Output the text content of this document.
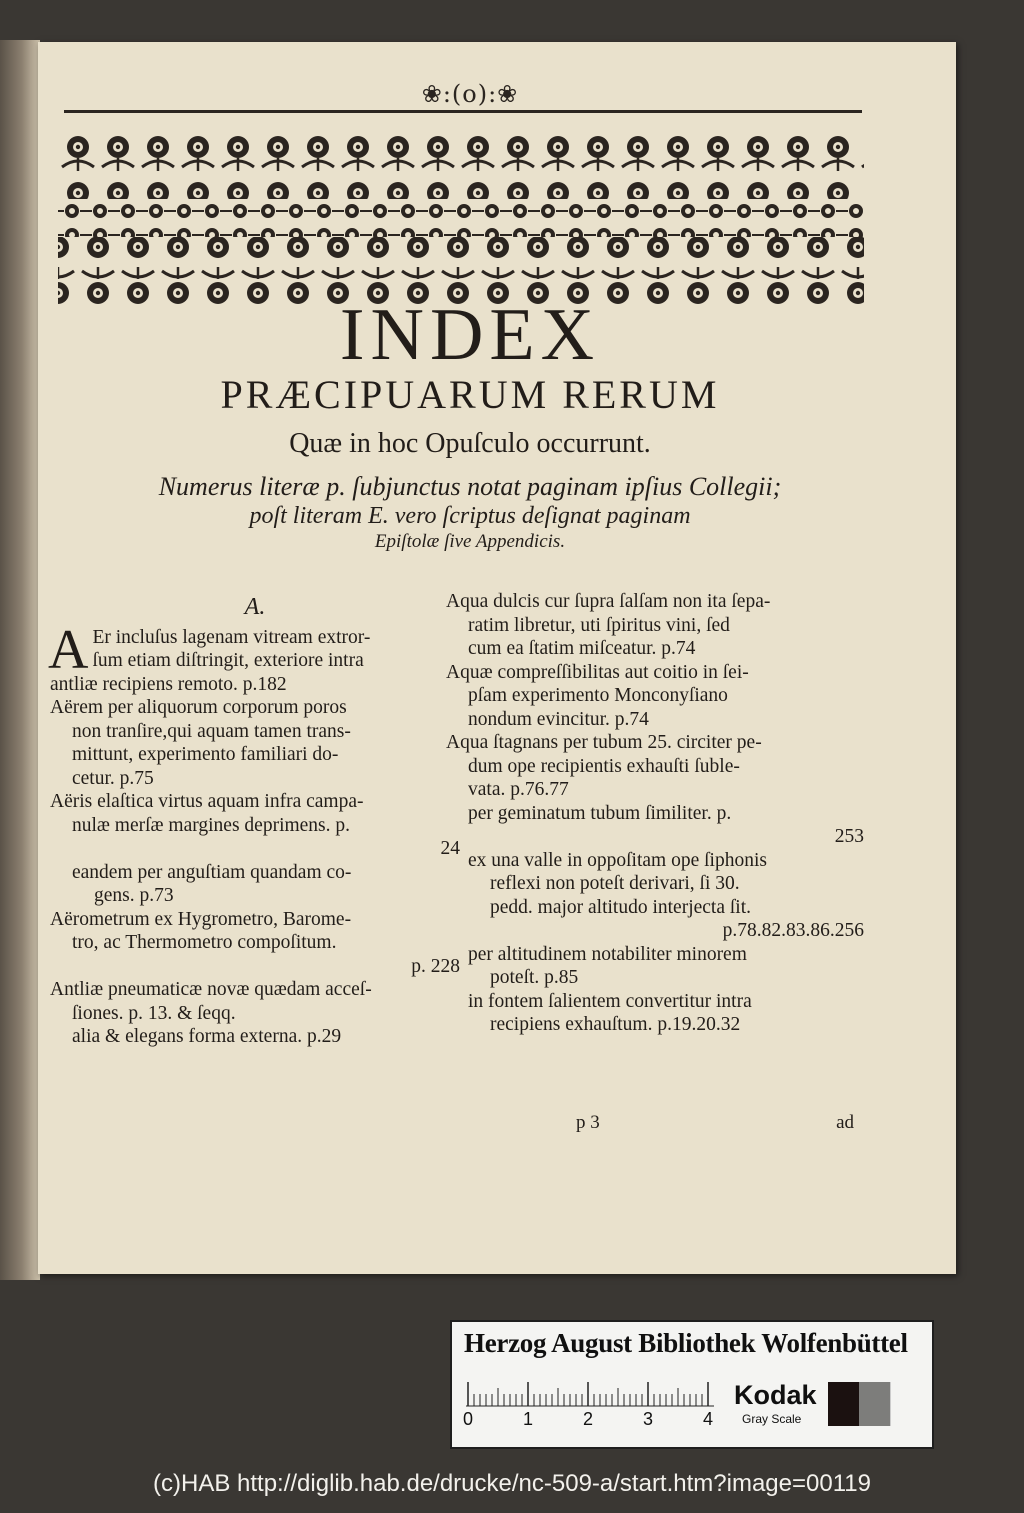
❀:(o):❀
INDEX
PRÆCIPUARUM RERUM
Quæ in hoc Opuſculo occurrunt.
Numerus literæ p. ſubjunctus notat paginam ipſius Collegii;
poſt literam E. vero ſcriptus deſignat paginam
Epiſtolæ ſive Appendicis.
A.
A Er incluſus lagenam vitream extror-
ſum etiam diſtringit, exteriore intra
antliæ recipiens remoto. p.182
Aërem per aliquorum corporum poros
non tranſire,qui aquam tamen trans-
mittunt, experimento familiari do-
cetur. p.75
Aëris elaſtica virtus aquam infra campa-
nulæ merſæ margines deprimens. p.
24
eandem per anguſtiam quandam co-
gens. p.73
Aërometrum ex Hygrometro, Barome-
tro, ac Thermometro compoſitum.
p. 228
Antliæ pneumaticæ novæ quædam acceſ-
ſiones. p. 13. & ſeqq.
alia & elegans forma externa. p.29
Aqua dulcis cur ſupra ſalſam non ita ſepa-
ratim libretur, uti ſpiritus vini, ſed
cum ea ſtatim miſceatur. p.74
Aquæ compreſſibilitas aut coitio in ſei-
pſam experimento Monconyſiano
nondum evincitur. p.74
Aqua ſtagnans per tubum 25. circiter pe-
dum ope recipientis exhauſti ſuble-
vata. p.76.77
per geminatum tubum ſimiliter. p.
253
ex una valle in oppoſitam ope ſiphonis
reflexi non poteſt derivari, ſi 30.
pedd. major altitudo interjecta ſit.
p.78.82.83.86.256
per altitudinem notabiliter minorem
poteſt. p.85
in fontem ſalientem convertitur intra
recipiens exhauſtum. p.19.20.32
p 3	ad
Herzog August Bibliothek Wolfenbüttel
0	1	2	3	4
Kodak
Gray Scale
(c)HAB http://diglib.hab.de/drucke/nc-509-a/start.htm?image=00119
